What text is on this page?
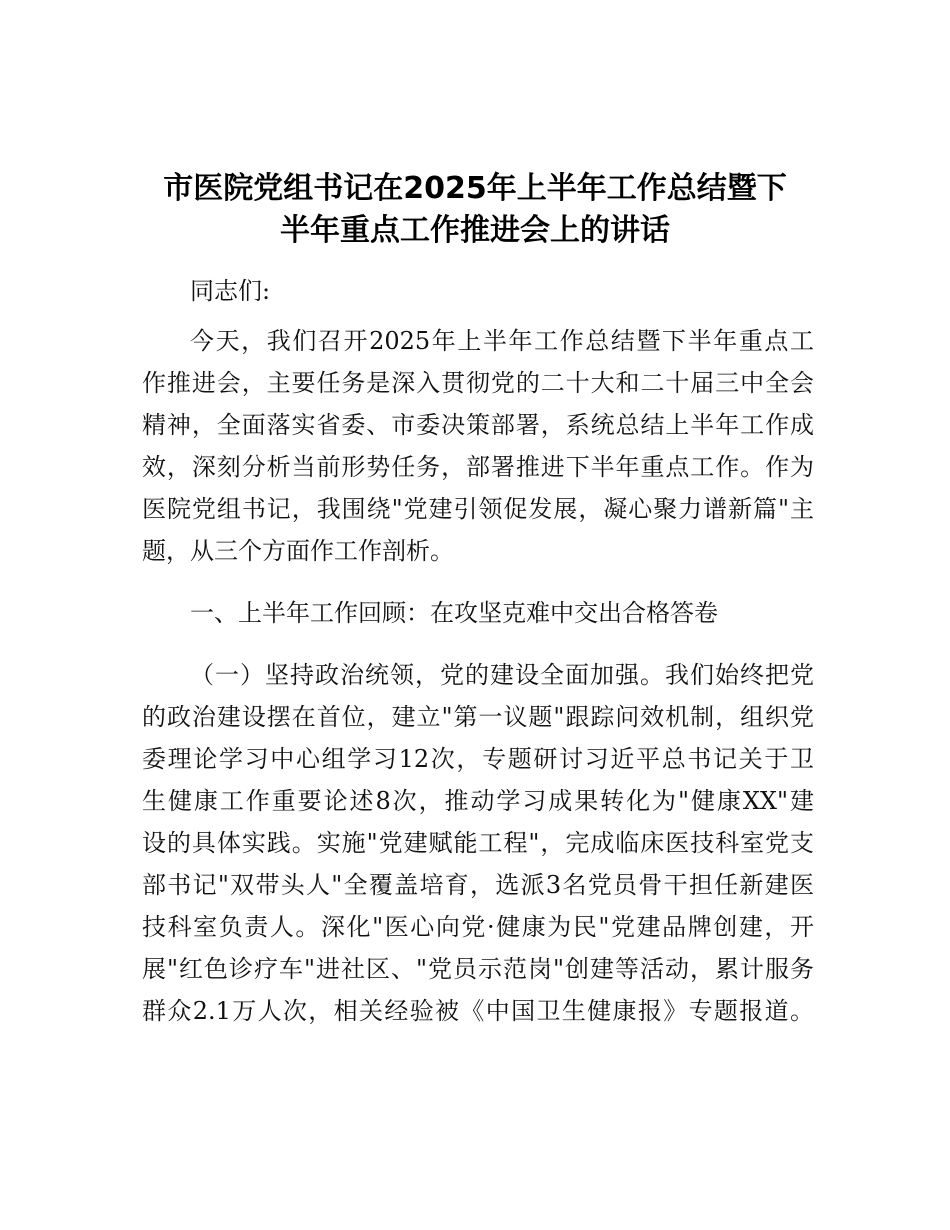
市医院党组书记在2025年上半年工作总结暨下
半年重点工作推进会上的讲话
同志们:
今天，我们召开2025年上半年工作总结暨下半年重点工
作推进会，主要任务是深入贯彻党的二十大和二十届三中全会
精神，全面落实省委、市委决策部署，系统总结上半年工作成
效，深刻分析当前形势任务，部署推进下半年重点工作。作为
医院党组书记，我围绕"党建引领促发展，凝心聚力谱新篇"主
题，从三个方面作工作剖析。
一、上半年工作回顾：在攻坚克难中交出合格答卷
（一）坚持政治统领，党的建设全面加强。我们始终把党
的政治建设摆在首位，建立"第一议题"跟踪问效机制，组织党
委理论学习中心组学习12次，专题研讨习近平总书记关于卫
生健康工作重要论述8次，推动学习成果转化为"健康XX"建
设的具体实践。实施"党建赋能工程"，完成临床医技科室党支
部书记"双带头人"全覆盖培育，选派3名党员骨干担任新建医
技科室负责人。深化"医心向党·健康为民"党建品牌创建，开
展"红色诊疗车"进社区、"党员示范岗"创建等活动，累计服务
群众2.1万人次，相关经验被《中国卫生健康报》专题报道。
